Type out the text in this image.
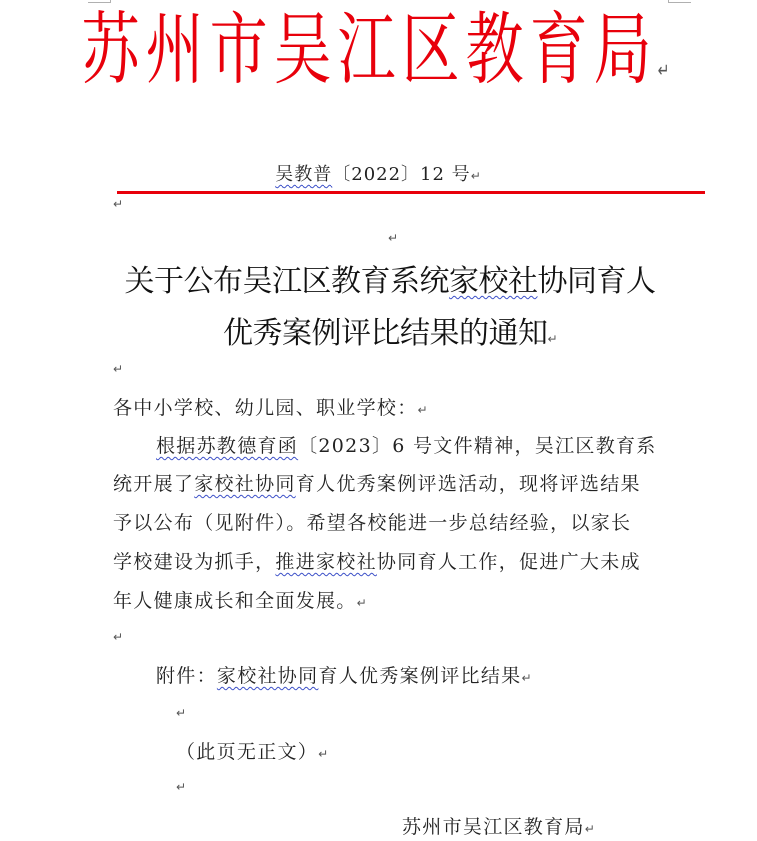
苏州市吴江区教育局↵
吴教普〔2022〕12 号↵
↵
↵
关于公布吴江区教育系统家校社协同育人
优秀案例评比结果的通知↵
↵
各中小学校、幼儿园、职业学校：↵
根据苏教德育函〔2023〕6 号文件精神，吴江区教育系
统开展了家校社协同育人优秀案例评选活动，现将评选结果
予以公布（见附件）。希望各校能进一步总结经验，以家长
学校建设为抓手，推进家校社协同育人工作，促进广大未成
年人健康成长和全面发展。↵
↵
附件：家校社协同育人优秀案例评比结果↵
↵
（此页无正文）↵
↵
苏州市吴江区教育局↵
